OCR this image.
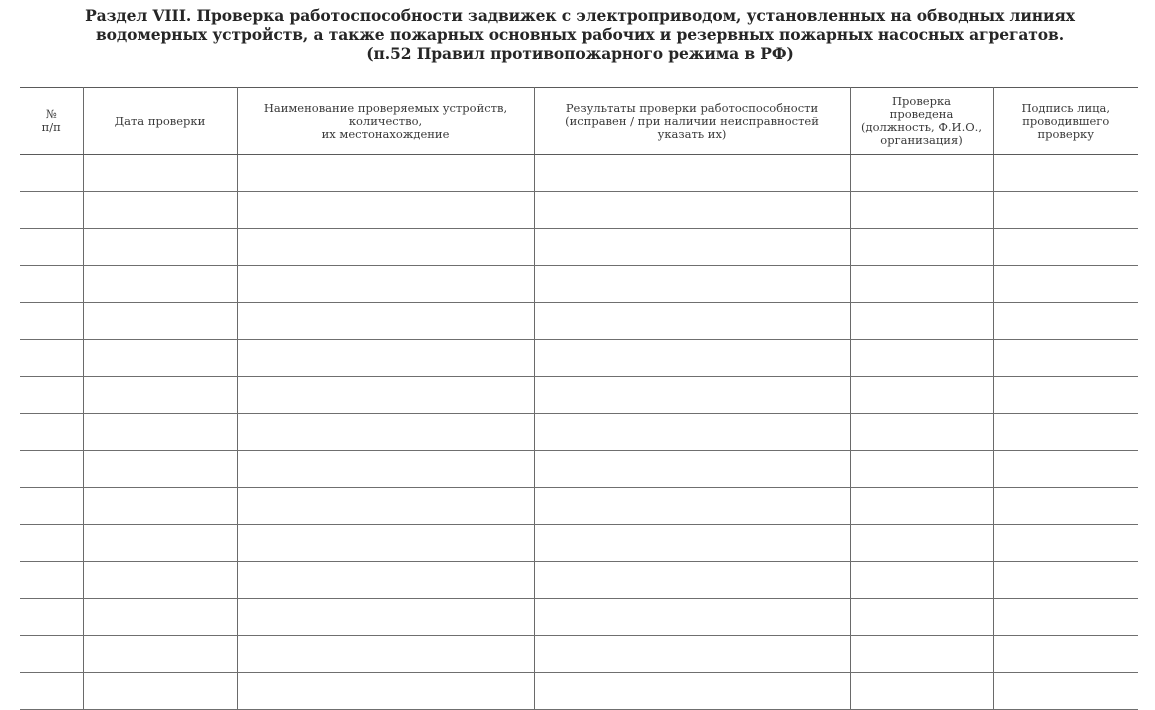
Раздел VIII. Проверка работоспособности задвижек с электроприводом, установленных на обводных линиях
водомерных устройств, а также пожарных основных рабочих и резервных пожарных насосных агрегатов.
(п.52 Правил противопожарного режима в РФ)
№
п/п	Дата проверки	Наименование проверяемых устройств,
количество,
их местонахождение	Результаты проверки работоспособности
(исправен / при наличии неисправностей
указать их)	Проверка
проведена
(должность, Ф.И.О.,
организация)	Подпись лица,
проводившего
проверку
